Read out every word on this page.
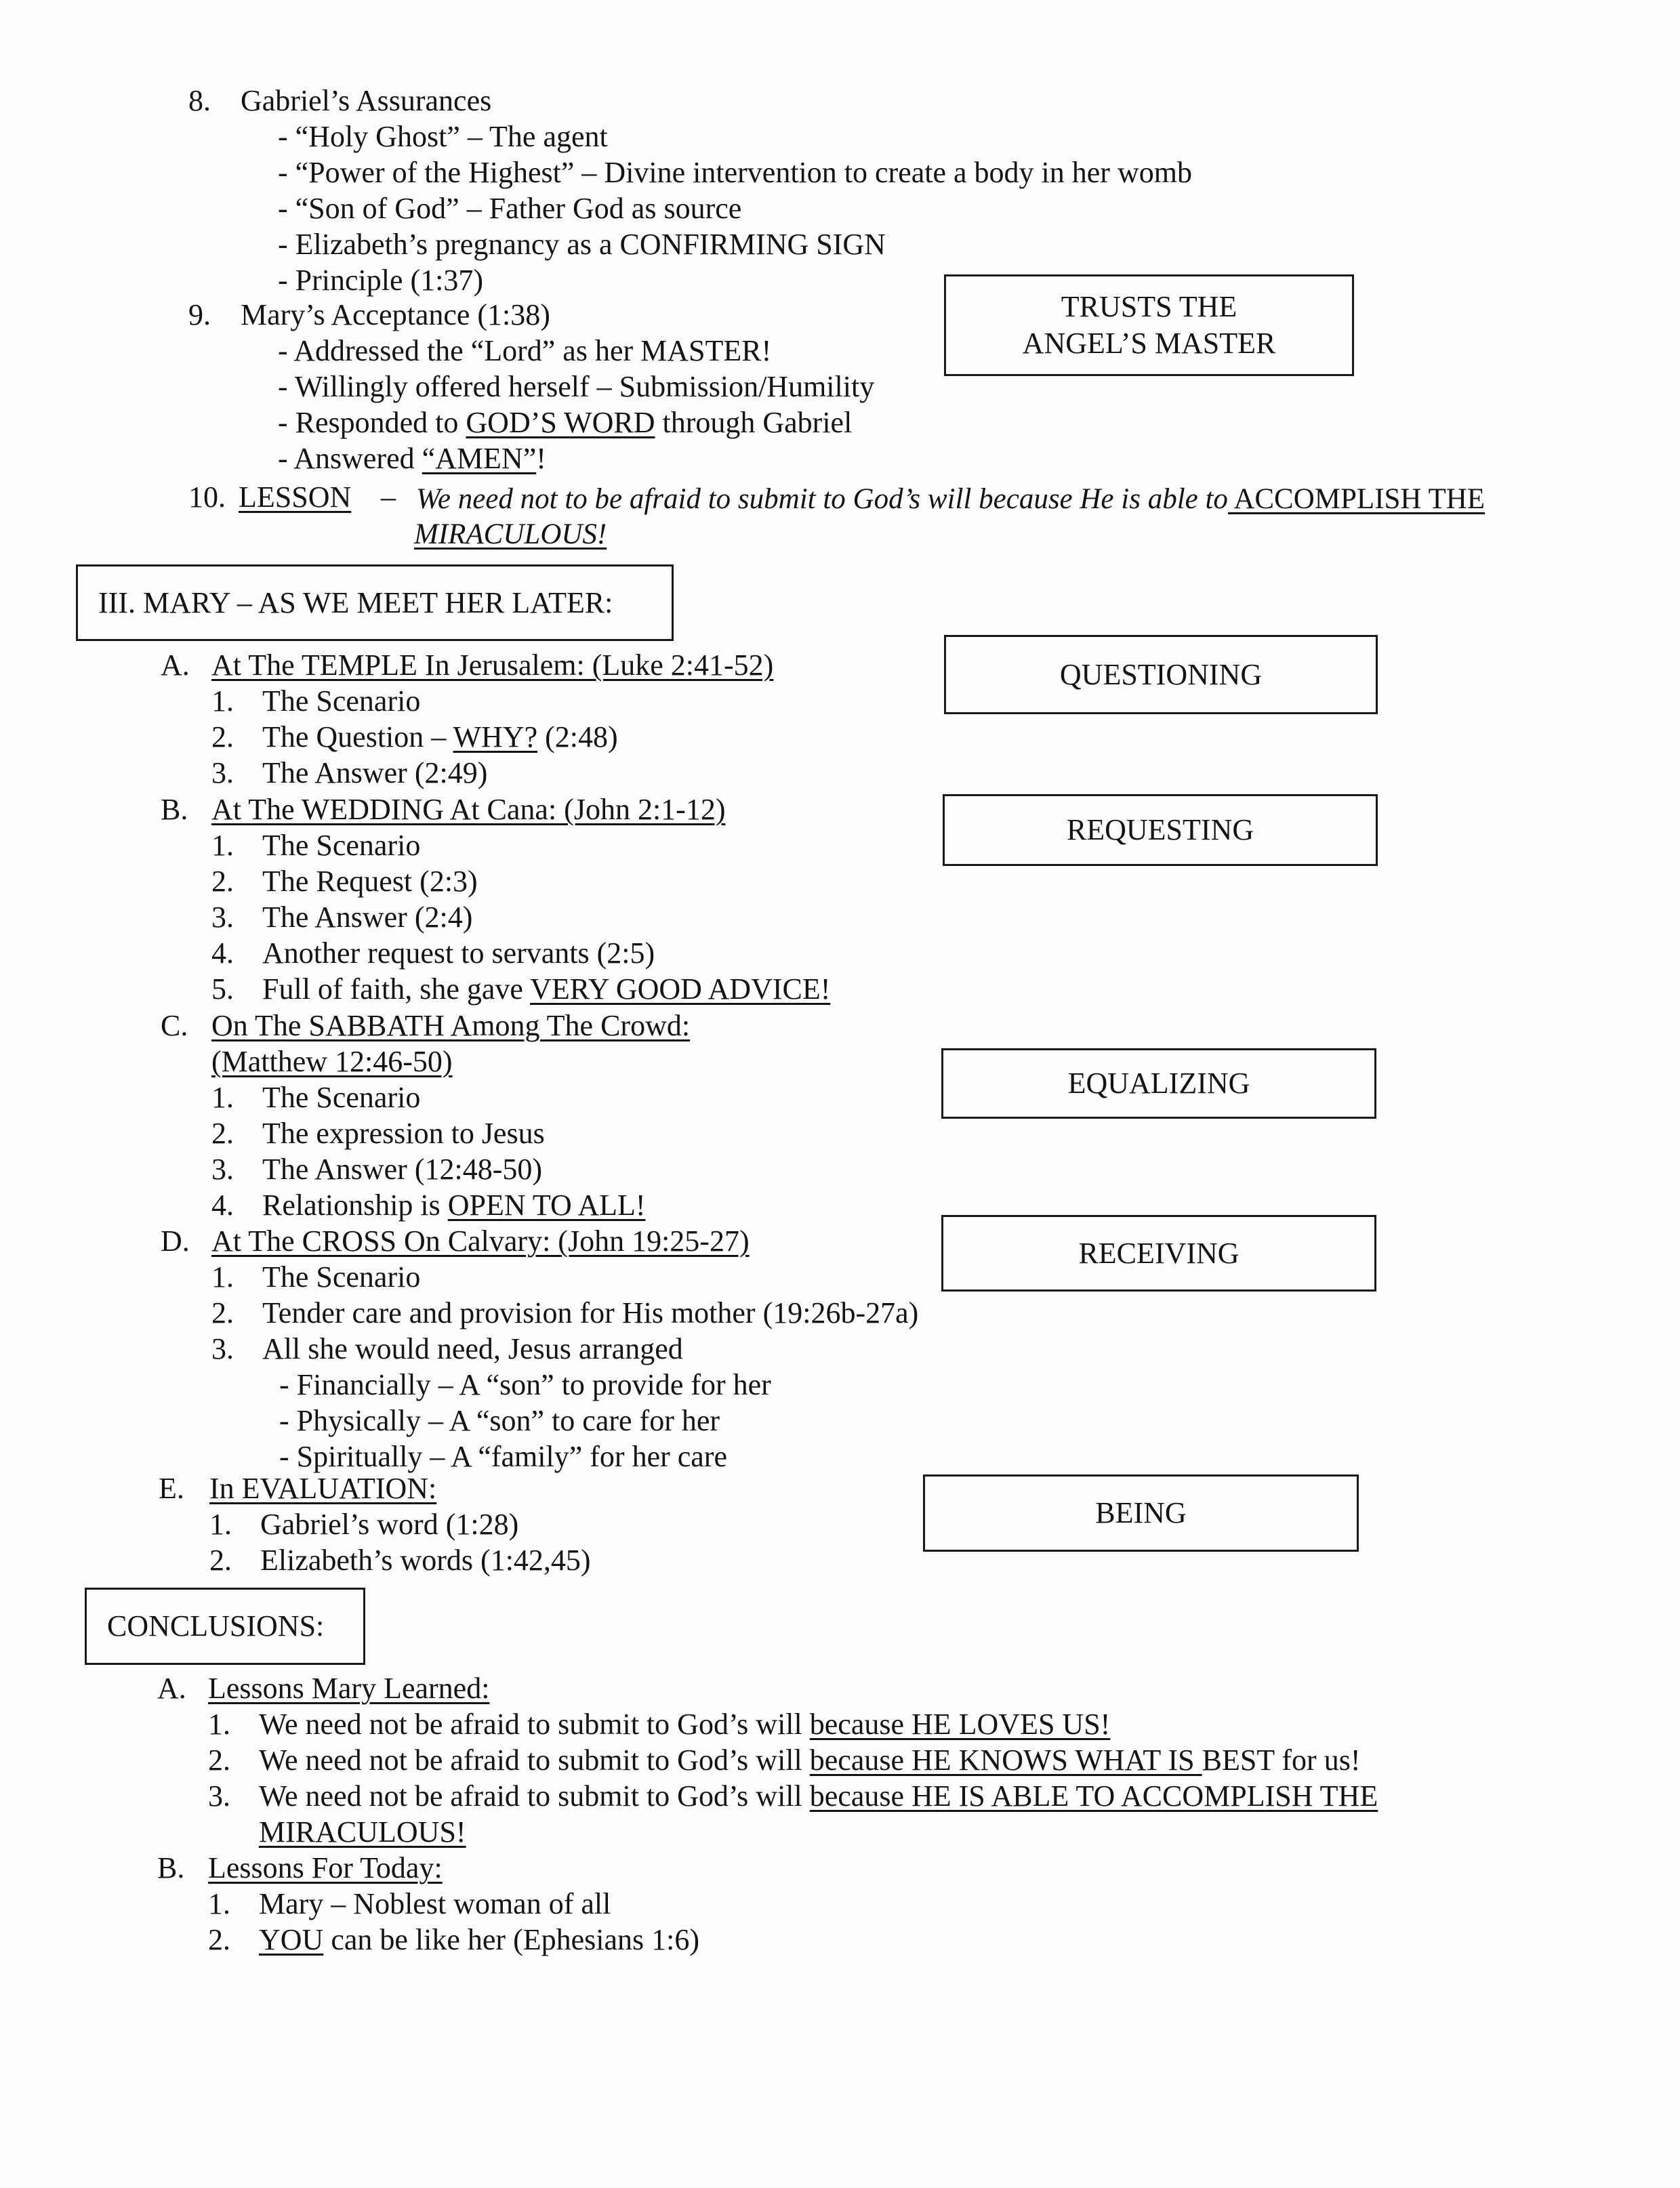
8. Gabriel’s Assurances
- “Holy Ghost” – The agent
- “Power of the Highest” – Divine intervention to create a body in her womb
- “Son of God” – Father God as source
- Elizabeth’s pregnancy as a CONFIRMING SIGN
- Principle (1:37)
TRUSTS THE
ANGEL’S MASTER
9. Mary’s Acceptance (1:38)
- Addressed the “Lord” as her MASTER!
- Willingly offered herself – Submission/Humility
- Responded to GOD’S WORD through Gabriel
- Answered “AMEN”!
10. LESSON – We need not to be afraid to submit to God’s will because He is able to ACCOMPLISH THE
MIRACULOUS!
III. MARY – AS WE MEET HER LATER:
A. At The TEMPLE In Jerusalem: (Luke 2:41-52)
1. The Scenario
2. The Question – WHY? (2:48)
3. The Answer (2:49)
QUESTIONING
B. At The WEDDING At Cana: (John 2:1-12)
1. The Scenario
2. The Request (2:3)
3. The Answer (2:4)
4. Another request to servants (2:5)
5. Full of faith, she gave VERY GOOD ADVICE!
REQUESTING
C. On The SABBATH Among The Crowd:
(Matthew 12:46-50)
1. The Scenario
2. The expression to Jesus
3. The Answer (12:48-50)
4. Relationship is OPEN TO ALL!
EQUALIZING
D. At The CROSS On Calvary: (John 19:25-27)
1. The Scenario
2. Tender care and provision for His mother (19:26b-27a)
3. All she would need, Jesus arranged
- Financially – A “son” to provide for her
- Physically – A “son” to care for her
- Spiritually – A “family” for her care
RECEIVING
E. In EVALUATION:
1. Gabriel’s word (1:28)
2. Elizabeth’s words (1:42,45)
BEING
CONCLUSIONS:
A. Lessons Mary Learned:
1. We need not be afraid to submit to God’s will because HE LOVES US!
2. We need not be afraid to submit to God’s will because HE KNOWS WHAT IS BEST for us!
3. We need not be afraid to submit to God’s will because HE IS ABLE TO ACCOMPLISH THE
MIRACULOUS!
B. Lessons For Today:
1. Mary – Noblest woman of all
2. YOU can be like her (Ephesians 1:6)
